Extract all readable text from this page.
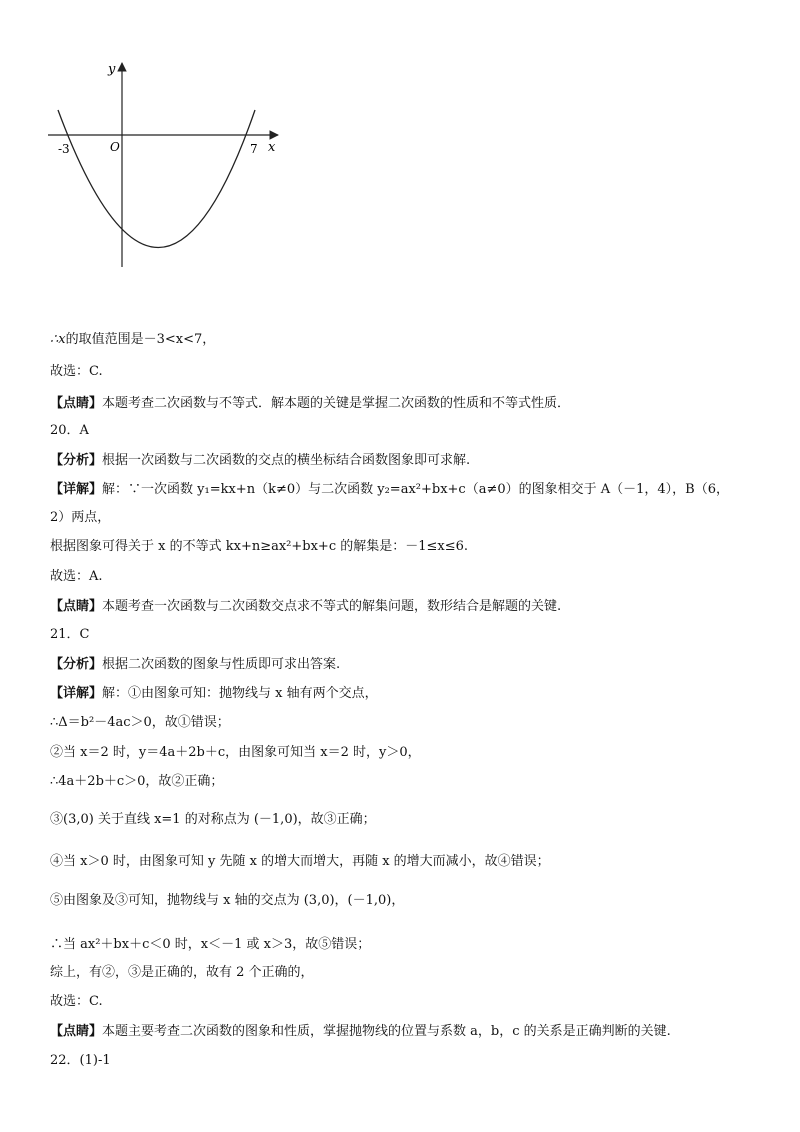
y
x
O
-3	7
∴x的取值范围是－3<x<7，
故选：C.
【点睛】本题考查二次函数与不等式．解本题的关键是掌握二次函数的性质和不等式性质．
20．A
【分析】根据一次函数与二次函数的交点的横坐标结合函数图象即可求解.
【详解】解：∵一次函数 y₁=kx+n（k≠0）与二次函数 y₂=ax²+bx+c（a≠0）的图象相交于 A（－1，4），B（6，
2）两点，
根据图象可得关于 x 的不等式 kx+n≥ax²+bx+c 的解集是：－1≤x≤6.
故选：A.
【点睛】本题考查一次函数与二次函数交点求不等式的解集问题，数形结合是解题的关键.
21．C
【分析】根据二次函数的图象与性质即可求出答案.
【详解】解：①由图象可知：抛物线与 x 轴有两个交点，
∴Δ＝b²－4ac＞0，故①错误；
②当 x＝2 时，y＝4a＋2b＋c，由图象可知当 x＝2 时，y＞0，
∴4a＋2b＋c＞0，故②正确；
③(3,0) 关于直线 x=1 的对称点为 (－1,0)，故③正确；
④当 x＞0 时，由图象可知 y 先随 x 的增大而增大，再随 x 的增大而减小，故④错误；
⑤由图象及③可知，抛物线与 x 轴的交点为 (3,0)，(－1,0)，
∴当 ax²＋bx＋c＜0 时，x＜－1 或 x＞3，故⑤错误；
综上，有②，③是正确的，故有 2 个正确的，
故选：C.
【点睛】本题主要考查二次函数的图象和性质，掌握抛物线的位置与系数 a，b，c 的关系是正确判断的关键.
22．(1)-1
